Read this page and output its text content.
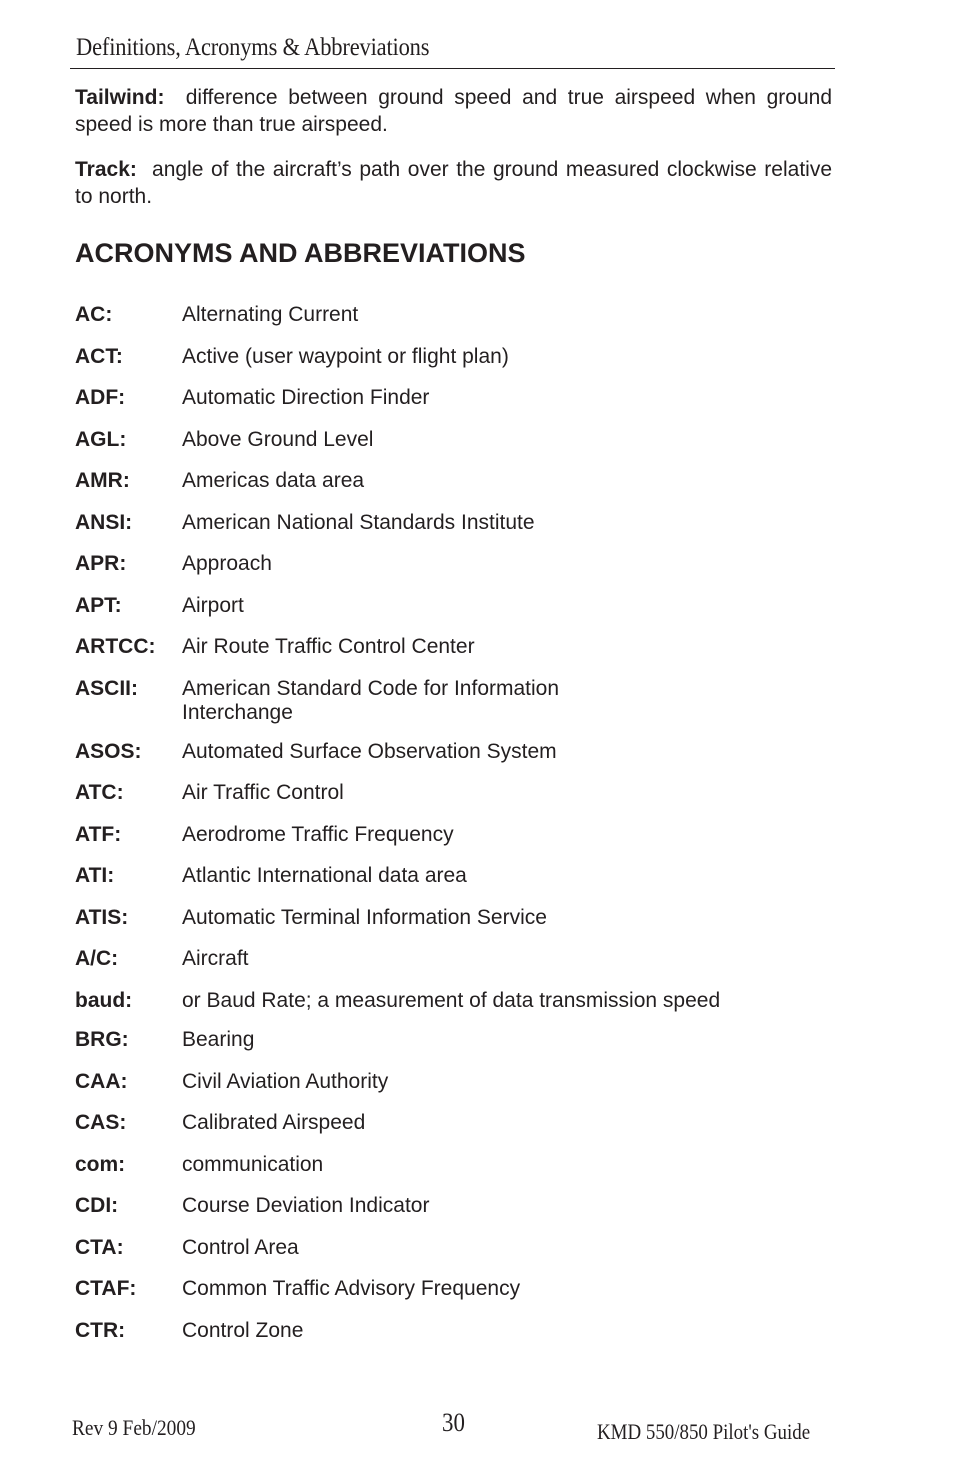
Definitions, Acronyms & Abbreviations

Tailwind: difference between ground speed and true airspeed when ground speed is more than true airspeed.

Track: angle of the aircraft’s path over the ground measured clockwise relative to north.

ACRONYMS AND ABBREVIATIONS
AC:	Alternating Current
ACT:	Active (user waypoint or flight plan)
ADF:	Automatic Direction Finder
AGL:	Above Ground Level
AMR:	Americas data area
ANSI:	American National Standards Institute
APR:	Approach
APT:	Airport
ARTCC:	Air Route Traffic Control Center
ASCII:	American Standard Code for Information Interchange
ASOS:	Automated Surface Observation System
ATC:	Air Traffic Control
ATF:	Aerodrome Traffic Frequency
ATI:	Atlantic International data area
ATIS:	Automatic Terminal Information Service
A/C:	Aircraft
baud:	or Baud Rate; a measurement of data transmission speed
BRG:	Bearing
CAA:	Civil Aviation Authority
CAS:	Calibrated Airspeed
com:	communication
CDI:	Course Deviation Indicator
CTA:	Control Area
CTAF:	Common Traffic Advisory Frequency
CTR:	Control Zone
Rev 9 Feb/2009	30	KMD 550/850 Pilot's Guide
